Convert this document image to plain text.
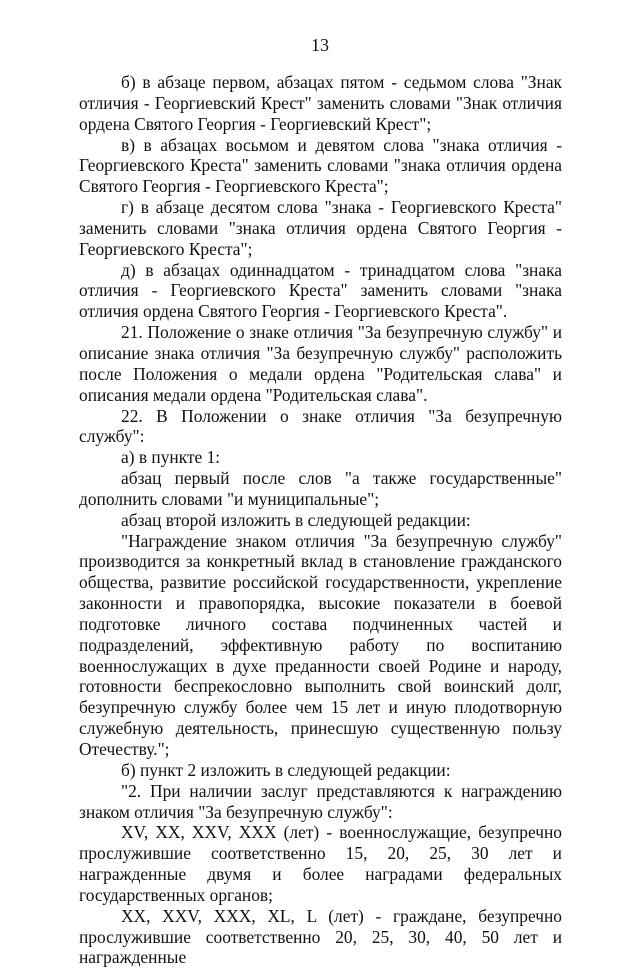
13

б) в абзаце первом, абзацах пятом - седьмом слова "Знак отличия - Георгиевский Крест" заменить словами "Знак отличия ордена Святого Георгия - Георгиевский Крест";

в) в абзацах восьмом и девятом слова "знака отличия - Георгиевского Креста" заменить словами "знака отличия ордена Святого Георгия - Георгиевского Креста";

г) в абзаце десятом слова "знака - Георгиевского Креста" заменить словами "знака отличия ордена Святого Георгия - Георгиевского Креста";

д) в абзацах одиннадцатом - тринадцатом слова "знака отличия - Георгиевского Креста" заменить словами "знака отличия ордена Святого Георгия - Георгиевского Креста".

21. Положение о знаке отличия "За безупречную службу" и описание знака отличия "За безупречную службу" расположить после Положения о медали ордена "Родительская слава" и описания медали ордена "Родительская слава".

22. В Положении о знаке отличия "За безупречную службу":

а) в пункте 1:

абзац первый после слов "а также государственные" дополнить словами "и муниципальные";

абзац второй изложить в следующей редакции:

"Награждение знаком отличия "За безупречную службу" производится за конкретный вклад в становление гражданского общества, развитие российской государственности, укрепление законности и правопорядка, высокие показатели в боевой подготовке личного состава подчиненных частей и подразделений, эффективную работу по воспитанию военнослужащих в духе преданности своей Родине и народу, готовности беспрекословно выполнить свой воинский долг, безупречную службу более чем 15 лет и иную плодотворную служебную деятельность, принесшую существенную пользу Отечеству.";

б) пункт 2 изложить в следующей редакции:

"2. При наличии заслуг представляются к награждению знаком отличия "За безупречную службу":

XV, XX, XXV, XXX (лет) - военнослужащие, безупречно прослужившие соответственно 15, 20, 25, 30 лет и награжденные двумя и более наградами федеральных государственных органов;

XX, XXV, XXX, XL, L (лет) - граждане, безупречно прослужившие соответственно 20, 25, 30, 40, 50 лет и награжденные
